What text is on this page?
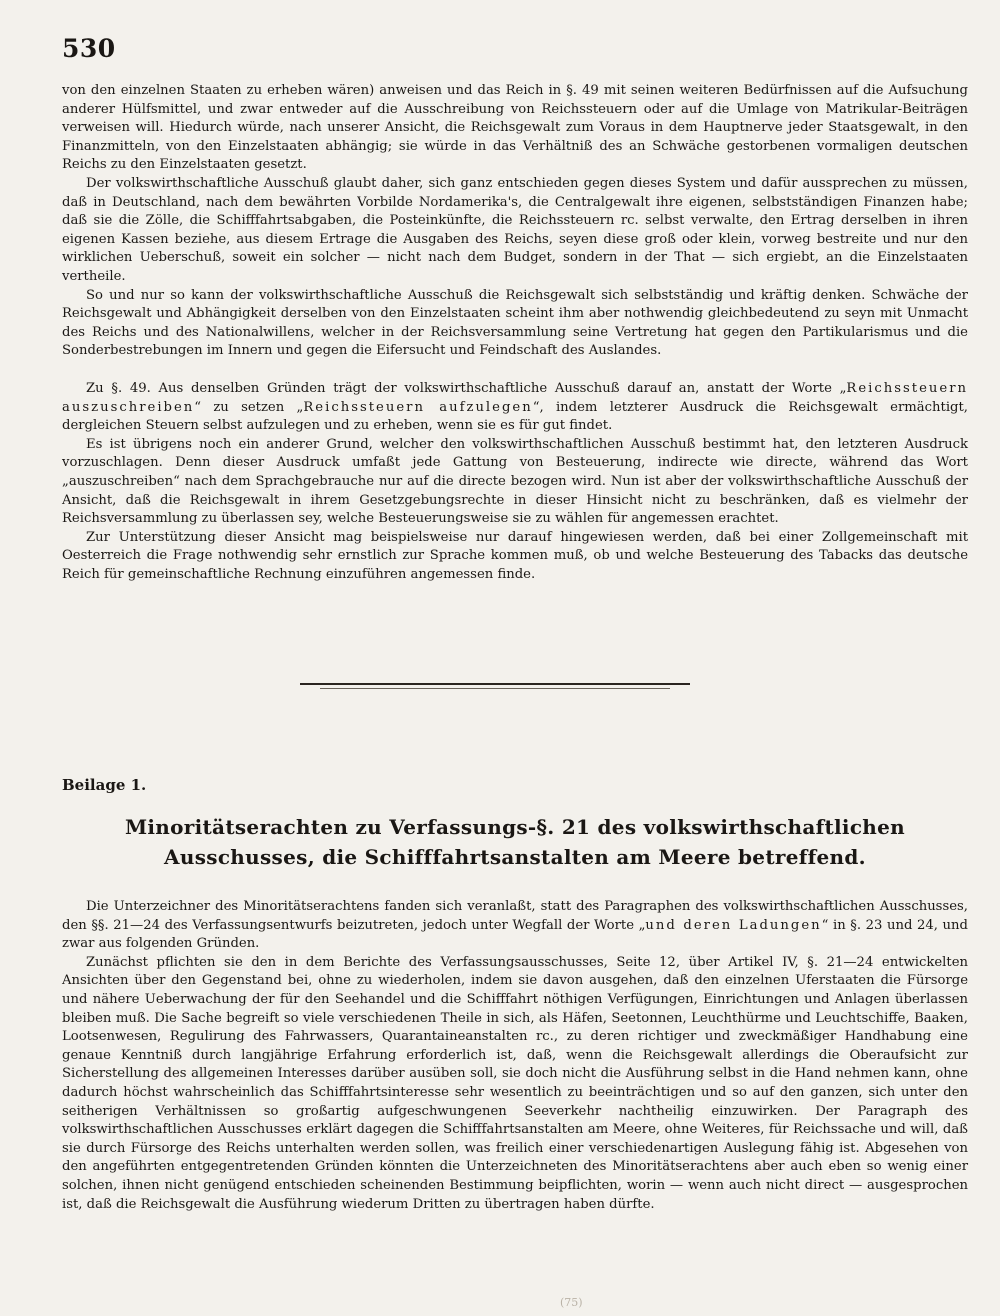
530

von den einzelnen Staaten zu erheben wären) anweisen und das Reich in §. 49 mit seinen weiteren Bedürfnissen auf die Aufsuchung anderer Hülfsmittel, und zwar entweder auf die Ausschreibung von Reichssteuern oder auf die Umlage von Matrikular-Beiträgen verweisen will. Hiedurch würde, nach unserer Ansicht, die Reichsgewalt zum Voraus in dem Hauptnerve jeder Staatsgewalt, in den Finanzmitteln, von den Einzelstaaten abhängig; sie würde in das Verhältniß des an Schwäche gestorbenen vormaligen deutschen Reichs zu den Einzelstaaten gesetzt.

Der volkswirthschaftliche Ausschuß glaubt daher, sich ganz entschieden gegen dieses System und dafür aussprechen zu müssen, daß in Deutschland, nach dem bewährten Vorbilde Nordamerika's, die Centralgewalt ihre eigenen, selbstständigen Finanzen habe; daß sie die Zölle, die Schifffahrtsabgaben, die Posteinkünfte, die Reichssteuern rc. selbst verwalte, den Ertrag derselben in ihren eigenen Kassen beziehe, aus diesem Ertrage die Ausgaben des Reichs, seyen diese groß oder klein, vorweg bestreite und nur den wirklichen Ueberschuß, soweit ein solcher — nicht nach dem Budget, sondern in der That — sich ergiebt, an die Einzelstaaten vertheile.

So und nur so kann der volkswirthschaftliche Ausschuß die Reichsgewalt sich selbstständig und kräftig denken. Schwäche der Reichsgewalt und Abhängigkeit derselben von den Einzelstaaten scheint ihm aber nothwendig gleichbedeutend zu seyn mit Unmacht des Reichs und des Nationalwillens, welcher in der Reichsversammlung seine Vertretung hat gegen den Partikularismus und die Sonderbestrebungen im Innern und gegen die Eifersucht und Feindschaft des Auslandes.

Zu §. 49. Aus denselben Gründen trägt der volkswirthschaftliche Ausschuß darauf an, anstatt der Worte „Reichssteuern auszuschreiben“ zu setzen „Reichssteuern aufzulegen“, indem letzterer Ausdruck die Reichsgewalt ermächtigt, dergleichen Steuern selbst aufzulegen und zu erheben, wenn sie es für gut findet.

Es ist übrigens noch ein anderer Grund, welcher den volkswirthschaftlichen Ausschuß bestimmt hat, den letzteren Ausdruck vorzuschlagen. Denn dieser Ausdruck umfaßt jede Gattung von Besteuerung, indirecte wie directe, während das Wort „auszuschreiben“ nach dem Sprachgebrauche nur auf die directe bezogen wird. Nun ist aber der volkswirthschaftliche Ausschuß der Ansicht, daß die Reichsgewalt in ihrem Gesetzgebungsrechte in dieser Hinsicht nicht zu beschränken, daß es vielmehr der Reichsversammlung zu überlassen sey, welche Besteuerungsweise sie zu wählen für angemessen erachtet.

Zur Unterstützung dieser Ansicht mag beispielsweise nur darauf hingewiesen werden, daß bei einer Zollgemeinschaft mit Oesterreich die Frage nothwendig sehr ernstlich zur Sprache kommen muß, ob und welche Besteuerung des Tabacks das deutsche Reich für gemeinschaftliche Rechnung einzuführen angemessen finde.

Beilage 1.
Minoritätserachten zu Verfassungs-§. 21 des volkswirthschaftlichen Ausschusses, die Schifffahrtsanstalten am Meere betreffend.

Die Unterzeichner des Minoritätserachtens fanden sich veranlaßt, statt des Paragraphen des volkswirthschaftlichen Ausschusses, den §§. 21—24 des Verfassungsentwurfs beizutreten, jedoch unter Wegfall der Worte „und deren Ladungen“ in §. 23 und 24, und zwar aus folgenden Gründen.

Zunächst pflichten sie den in dem Berichte des Verfassungsausschusses, Seite 12, über Artikel IV, §. 21—24 entwickelten Ansichten über den Gegenstand bei, ohne zu wiederholen, indem sie davon ausgehen, daß den einzelnen Uferstaaten die Fürsorge und nähere Ueberwachung der für den Seehandel und die Schifffahrt nöthigen Verfügungen, Einrichtungen und Anlagen überlassen bleiben muß. Die Sache begreift so viele verschiedenen Theile in sich, als Häfen, Seetonnen, Leuchthürme und Leuchtschiffe, Baaken, Lootsenwesen, Regulirung des Fahrwassers, Quarantaineanstalten rc., zu deren richtiger und zweckmäßiger Handhabung eine genaue Kenntniß durch langjährige Erfahrung erforderlich ist, daß, wenn die Reichsgewalt allerdings die Oberaufsicht zur Sicherstellung des allgemeinen Interesses darüber ausüben soll, sie doch nicht die Ausführung selbst in die Hand nehmen kann, ohne dadurch höchst wahrscheinlich das Schifffahrtsinteresse sehr wesentlich zu beeinträchtigen und so auf den ganzen, sich unter den seitherigen Verhältnissen so großartig aufgeschwungenen Seeverkehr nachtheilig einzuwirken. Der Paragraph des volkswirthschaftlichen Ausschusses erklärt dagegen die Schifffahrtsanstalten am Meere, ohne Weiteres, für Reichssache und will, daß sie durch Fürsorge des Reichs unterhalten werden sollen, was freilich einer verschiedenartigen Auslegung fähig ist. Abgesehen von den angeführten entgegentretenden Gründen könnten die Unterzeichneten des Minoritätserachtens aber auch eben so wenig einer solchen, ihnen nicht genügend entschieden scheinenden Bestimmung beipflichten, worin — wenn auch nicht direct — ausgesprochen ist, daß die Reichsgewalt die Ausführung wiederum Dritten zu übertragen haben dürfte.

(75)
